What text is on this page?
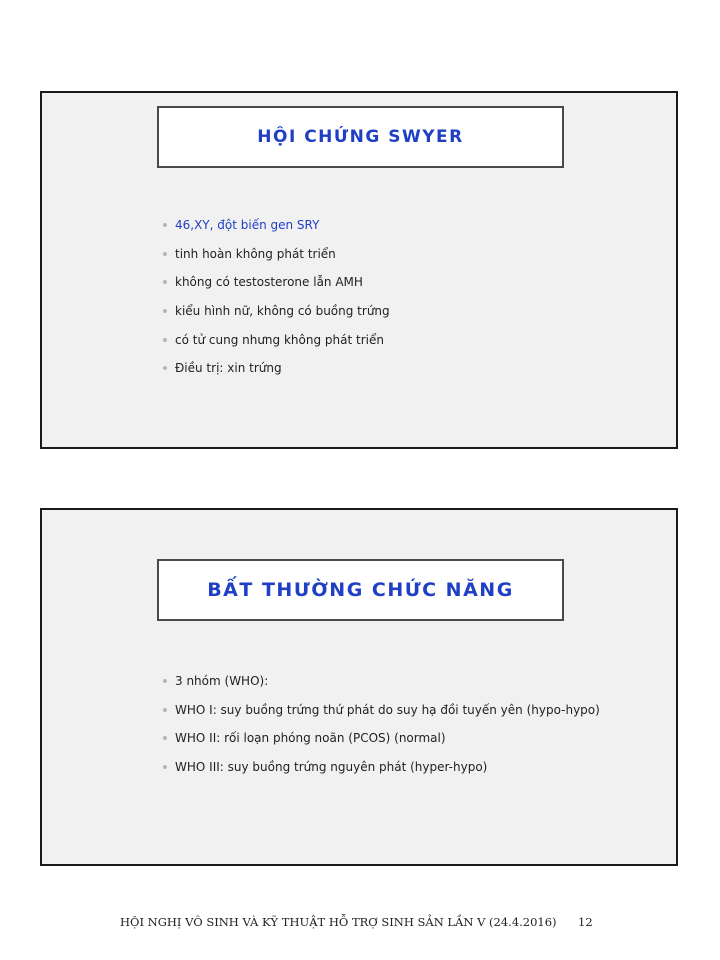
HỘI CHỨNG SWYER
46,XY, đột biến gen SRY
tinh hoàn không phát triển
không có testosterone lẫn AMH
kiểu hình nữ, không có buồng trứng
có tử cung nhưng không phát triển
Điều trị: xin trứng
BẤT THƯỜNG CHỨC NĂNG
3 nhóm (WHO):
WHO I: suy buồng trứng thứ phát do suy hạ đồi tuyến yên (hypo-hypo)
WHO II: rối loạn phóng noãn (PCOS) (normal)
WHO III: suy buồng trứng nguyên phát (hyper-hypo)
HỘI NGHỊ VÔ SINH VÀ KỸ THUẬT HỖ TRỢ SINH SẢN LẦN V (24.4.2016) 12
